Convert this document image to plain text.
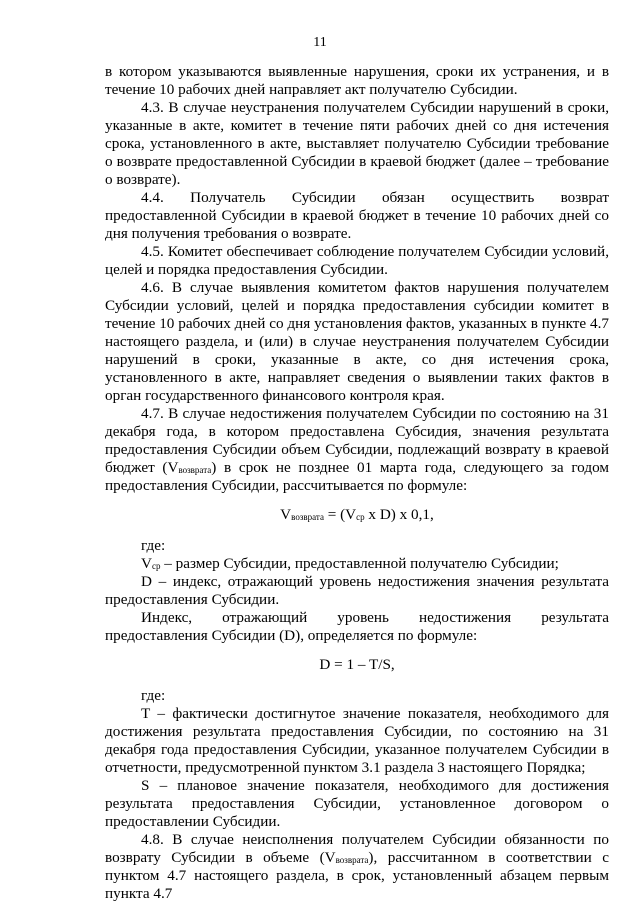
11

в котором указываются выявленные нарушения, сроки их устранения, и в течение 10 рабочих дней направляет акт получателю Субсидии.

4.3. В случае неустранения получателем Субсидии нарушений в сроки, указанные в акте, комитет в течение пяти рабочих дней со дня истечения срока, установленного в акте, выставляет получателю Субсидии требование о возврате предоставленной Субсидии в краевой бюджет (далее – требование о возврате).

4.4. Получатель Субсидии обязан осуществить возврат предоставленной Субсидии в краевой бюджет в течение 10 рабочих дней со дня получения требования о возврате.

4.5. Комитет обеспечивает соблюдение получателем Субсидии условий, целей и порядка предоставления Субсидии.

4.6. В случае выявления комитетом фактов нарушения получателем Субсидии условий, целей и порядка предоставления субсидии комитет в течение 10 рабочих дней со дня установления фактов, указанных в пункте 4.7 настоящего раздела, и (или) в случае неустранения получателем Субсидии нарушений в сроки, указанные в акте, со дня истечения срока, установленного в акте, направляет сведения о выявлении таких фактов в орган государственного финансового контроля края.

4.7. В случае недостижения получателем Субсидии по состоянию на 31 декабря года, в котором предоставлена Субсидия, значения результата предоставления Субсидии объем Субсидии, подлежащий возврату в краевой бюджет (Vвозврата) в срок не позднее 01 марта года, следующего за годом предоставления Субсидии, рассчитывается по формуле:

Vвозврата = (Vср x D) x 0,1,

где:

Vср – размер Субсидии, предоставленной получателю Субсидии;

D – индекс, отражающий уровень недостижения значения результата предоставления Субсидии.

Индекс, отражающий уровень недостижения результата предоставления Субсидии (D), определяется по формуле:

D = 1 – T/S,

где:

T – фактически достигнутое значение показателя, необходимого для достижения результата предоставления Субсидии, по состоянию на 31 декабря года предоставления Субсидии, указанное получателем Субсидии в отчетности, предусмотренной пунктом 3.1 раздела 3 настоящего Порядка;

S – плановое значение показателя, необходимого для достижения результата предоставления Субсидии, установленное договором о предоставлении Субсидии.

4.8. В случае неисполнения получателем Субсидии обязанности по возврату Субсидии в объеме (Vвозврата), рассчитанном в соответствии с пунктом 4.7 настоящего раздела, в срок, установленный абзацем первым пункта 4.7
